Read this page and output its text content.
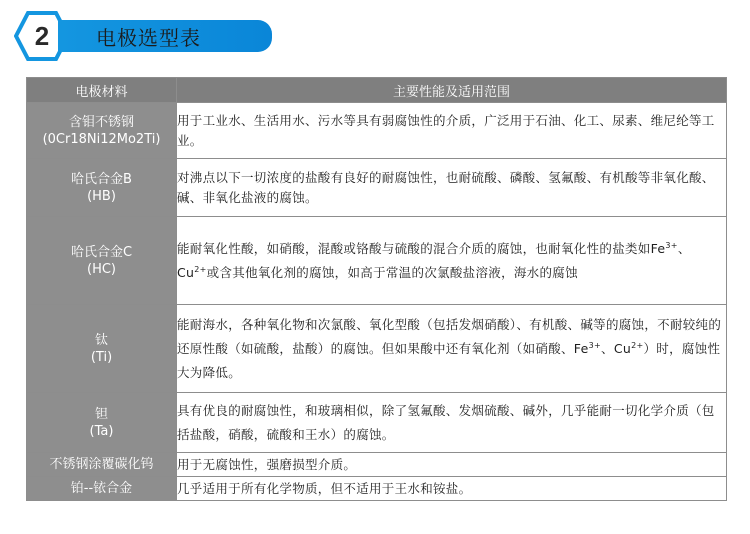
电极选型表
2
电极材料	主要性能及适用范围

含钼不锈钢
(0Cr18Ni12Mo2Ti)	用于工业水、生活用水、污水等具有弱腐蚀性的介质，广泛用于石油、化工、尿素、维尼纶等工业。

哈氏合金B
(HB)	对沸点以下一切浓度的盐酸有良好的耐腐蚀性，也耐硫酸、磷酸、氢氟酸、有机酸等非氧化酸、碱、非氧化盐液的腐蚀。

哈氏合金C
(HC)	能耐氧化性酸，如硝酸，混酸或铬酸与硫酸的混合介质的腐蚀，也耐氧化性的盐类如$Fe^{3+}$、$Cu^{2+}$或含其他氧化剂的腐蚀，如高于常温的次氯酸盐溶液，海水的腐蚀

钛
(Ti)	能耐海水，各种氧化物和次氯酸、氧化型酸（包括发烟硝酸）、有机酸、碱等的腐蚀，不耐较纯的还原性酸（如硫酸，盐酸）的腐蚀。但如果酸中还有氧化剂（如硝酸、$Fe^{3+}$、$Cu^{2+}$）时，腐蚀性大为降低。

钽
(Ta)	具有优良的耐腐蚀性，和玻璃相似，除了氢氟酸、发烟硫酸、碱外，几乎能耐一切化学介质（包括盐酸，硝酸，硫酸和王水）的腐蚀。

不锈钢涂覆碳化钨	用于无腐蚀性，强磨损型介质。

铂--铱合金	几乎适用于所有化学物质，但不适用于王水和铵盐。
